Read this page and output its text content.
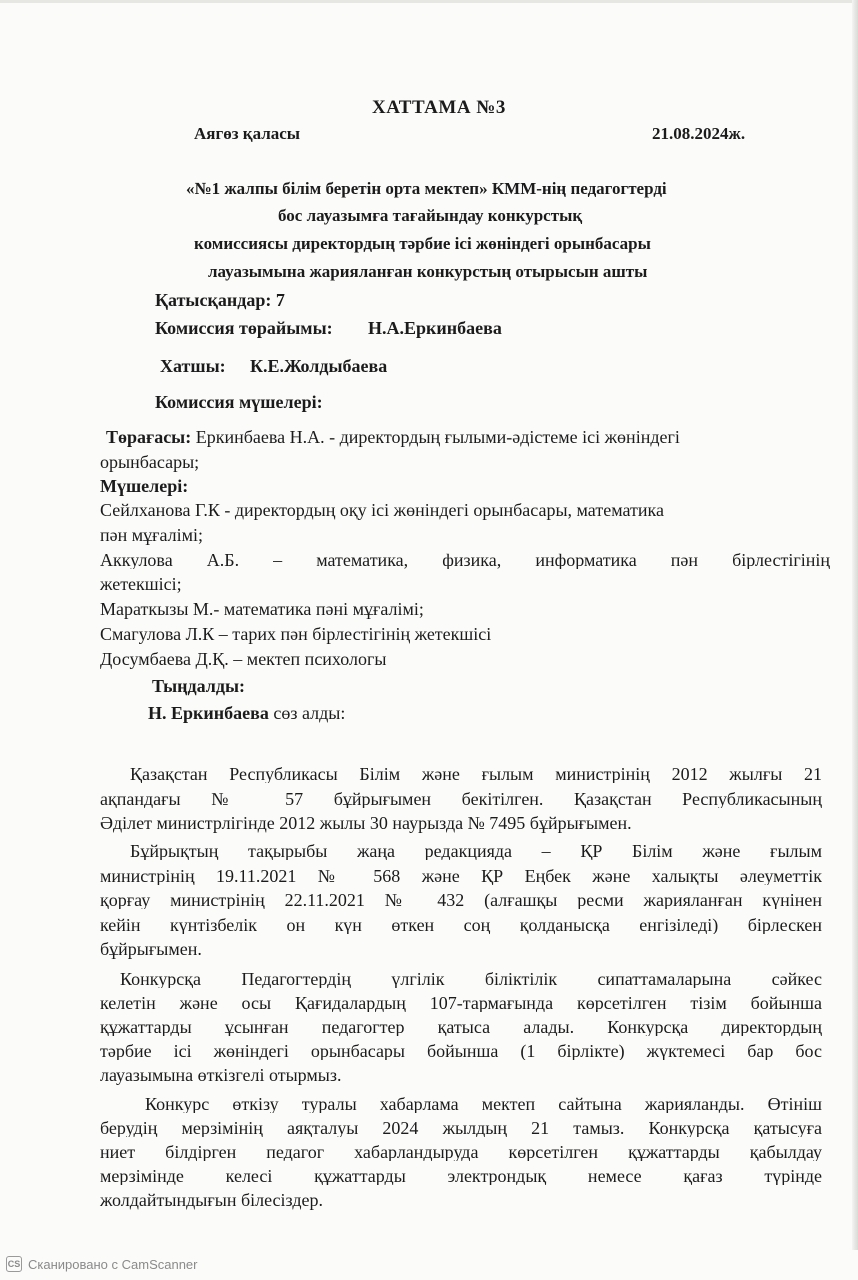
ХАТТАМА №3
Аягөз қаласы	21.08.2024ж.
«№1 жалпы білім беретін орта мектеп» КММ-нің педагогтерді
бос лауазымға тағайындау конкурстық
комиссиясы директордың тәрбие ісі жөніндегі орынбасары
лауазымына жарияланған конкурстың отырысын ашты
Қатысқандар: 7
Комиссия төрайымы: Н.А.Еркинбаева
Хатшы: К.Е.Жолдыбаева
Комиссия мүшелері:
Төрағасы: Еркинбаева Н.А. - директордың ғылыми-әдістеме ісі жөніндегі
орынбасары;
Мүшелері:
Сейлханова Г.К - директордың оқу ісі жөніндегі орынбасары, математика
пән мұғалімі;
Аккулова А.Б. – математика, физика, информатика пән бірлестігінің
жетекшісі;
Мараткызы М.- математика пәні мұғалімі;
Смагулова Л.К – тарих пән бірлестігінің жетекшісі
Досумбаева Д.Қ. – мектеп психологы
Тыңдалды:
Н. Еркинбаева сөз алды:
Қазақстан Республикасы Білім және ғылым министрінің 2012 жылғы 21
ақпандағы № 57 бұйрығымен бекітілген. Қазақстан Республикасының
Әділет министрлігінде 2012 жылы 30 наурызда № 7495 бұйрығымен.
Бұйрықтың тақырыбы жаңа редакцияда – ҚР Білім және ғылым
министрінің 19.11.2021 № 568 және ҚР Еңбек және халықты әлеуметтік
қорғау министрінің 22.11.2021 № 432 (алғашқы ресми жарияланған күнінен
кейін күнтізбелік он күн өткен соң қолданысқа енгізіледі) бірлескен
бұйрығымен.
Конкурсқа Педагогтердің үлгілік біліктілік сипаттамаларына сәйкес
келетін және осы Қағидалардың 107-тармағында көрсетілген тізім бойынша
құжаттарды ұсынған педагогтер қатыса алады. Конкурсқа директордың
тәрбие ісі жөніндегі орынбасары бойынша (1 бірлікте) жүктемесі бар бос
лауазымына өткізгелі отырмыз.
Конкурс өткізу туралы хабарлама мектеп сайтына жарияланды. Өтініш
берудің мерзімінің аяқталуы 2024 жылдың 21 тамыз. Конкурсқа қатысуға
ниет білдірген педагог хабарландыруда көрсетілген құжаттарды қабылдау
мерзімінде келесі құжаттарды электрондық немесе қағаз түрінде
жолдайтындығын білесіздер.
CS Сканировано с CamScanner
